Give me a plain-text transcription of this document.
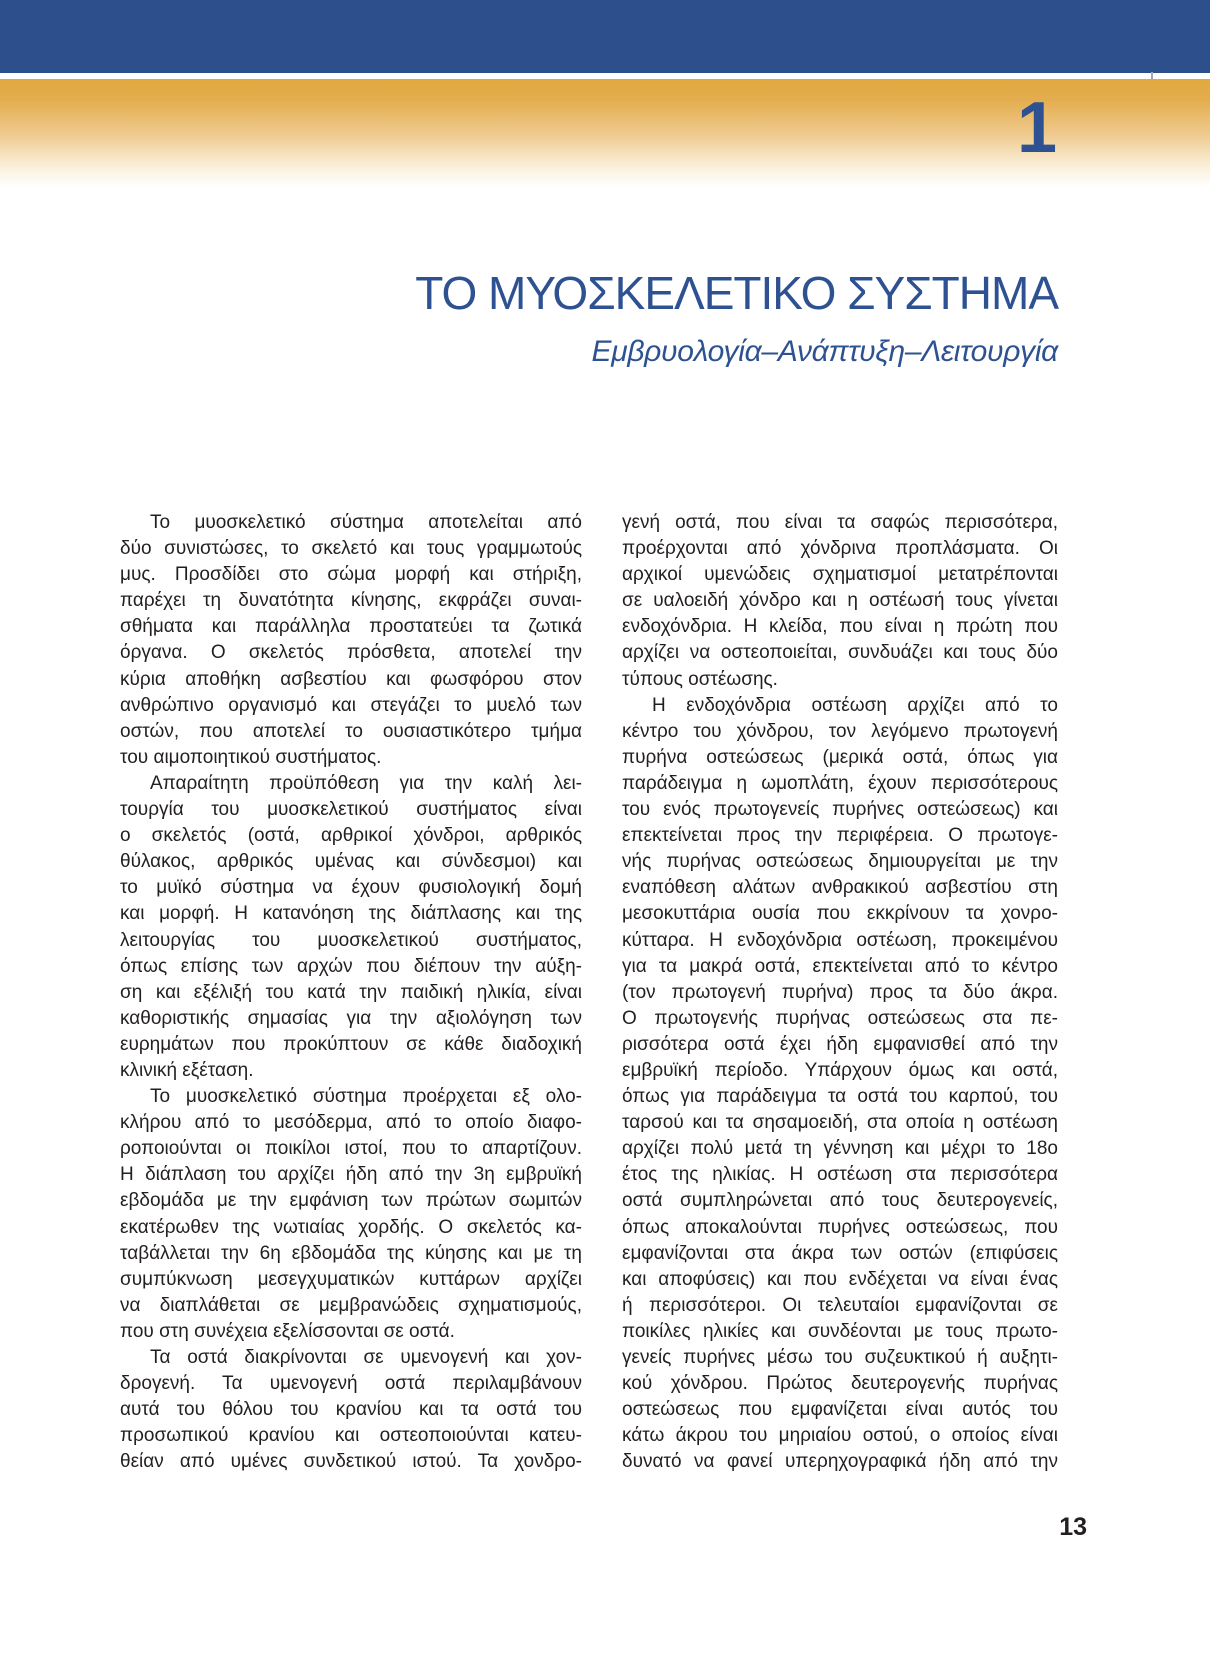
1
ΤΟ ΜΥΟΣΚΕΛΕΤΙΚΟ ΣΥΣΤΗΜΑ
Εμβρυολογία–Ανάπτυξη–Λειτουργία
Το μυοσκελετικό σύστημα αποτελείται από
δύο συνιστώσες, το σκελετό και τους γραμμωτούς
μυς. Προσδίδει στο σώμα μορφή και στήριξη,
παρέχει τη δυνατότητα κίνησης, εκφράζει συναι-
σθήματα και παράλληλα προστατεύει τα ζωτικά
όργανα. Ο σκελετός πρόσθετα, αποτελεί την
κύρια αποθήκη ασβεστίου και φωσφόρου στον
ανθρώπινο οργανισμό και στεγάζει το μυελό των
οστών, που αποτελεί το ουσιαστικότερο τμήμα
του αιμοποιητικού συστήματος.
Απαραίτητη προϋπόθεση για την καλή λει-
τουργία του μυοσκελετικού συστήματος είναι
ο σκελετός (οστά, αρθρικοί χόνδροι, αρθρικός
θύλακος, αρθρικός υμένας και σύνδεσμοι) και
το μυϊκό σύστημα να έχουν φυσιολογική δομή
και μορφή. Η κατανόηση της διάπλασης και της
λειτουργίας του μυοσκελετικού συστήματος,
όπως επίσης των αρχών που διέπουν την αύξη-
ση και εξέλιξή του κατά την παιδική ηλικία, είναι
καθοριστικής σημασίας για την αξιολόγηση των
ευρημάτων που προκύπτουν σε κάθε διαδοχική
κλινική εξέταση.
Το μυοσκελετικό σύστημα προέρχεται εξ ολο-
κλήρου από το μεσόδερμα, από το οποίο διαφο-
ροποιούνται οι ποικίλοι ιστοί, που το απαρτίζουν.
Η διάπλαση του αρχίζει ήδη από την 3η εμβρυϊκή
εβδομάδα με την εμφάνιση των πρώτων σωμιτών
εκατέρωθεν της νωτιαίας χορδής. Ο σκελετός κα-
ταβάλλεται την 6η εβδομάδα της κύησης και με τη
συμπύκνωση μεσεγχυματικών κυττάρων αρχίζει
να διαπλάθεται σε μεμβρανώδεις σχηματισμούς,
που στη συνέχεια εξελίσσονται σε οστά.
Τα οστά διακρίνονται σε υμενογενή και χον-
δρογενή. Τα υμενογενή οστά περιλαμβάνουν
αυτά του θόλου του κρανίου και τα οστά του
προσωπικού κρανίου και οστεοποιούνται κατευ-
θείαν από υμένες συνδετικού ιστού. Τα χονδρο-
γενή οστά, που είναι τα σαφώς περισσότερα,
προέρχονται από χόνδρινα προπλάσματα. Οι
αρχικοί υμενώδεις σχηματισμοί μετατρέπονται
σε υαλοειδή χόνδρο και η οστέωσή τους γίνεται
ενδοχόνδρια. Η κλείδα, που είναι η πρώτη που
αρχίζει να οστεοποιείται, συνδυάζει και τους δύο
τύπους οστέωσης.
Η ενδοχόνδρια οστέωση αρχίζει από το
κέντρο του χόνδρου, τον λεγόμενο πρωτογενή
πυρήνα οστεώσεως (μερικά οστά, όπως για
παράδειγμα η ωμοπλάτη, έχουν περισσότερους
του ενός πρωτογενείς πυρήνες οστεώσεως) και
επεκτείνεται προς την περιφέρεια. Ο πρωτογε-
νής πυρήνας οστεώσεως δημιουργείται με την
εναπόθεση αλάτων ανθρακικού ασβεστίου στη
μεσοκυττάρια ουσία που εκκρίνουν τα χονρο-
κύτταρα. Η ενδοχόνδρια οστέωση, προκειμένου
για τα μακρά οστά, επεκτείνεται από το κέντρο
(τον πρωτογενή πυρήνα) προς τα δύο άκρα.
Ο πρωτογενής πυρήνας οστεώσεως στα πε-
ρισσότερα οστά έχει ήδη εμφανισθεί από την
εμβρυϊκή περίοδο. Υπάρχουν όμως και οστά,
όπως για παράδειγμα τα οστά του καρπού, του
ταρσού και τα σησαμοειδή, στα οποία η οστέωση
αρχίζει πολύ μετά τη γέννηση και μέχρι το 18ο
έτος της ηλικίας. Η οστέωση στα περισσότερα
οστά συμπληρώνεται από τους δευτερογενείς,
όπως αποκαλούνται πυρήνες οστεώσεως, που
εμφανίζονται στα άκρα των οστών (επιφύσεις
και αποφύσεις) και που ενδέχεται να είναι ένας
ή περισσότεροι. Οι τελευταίοι εμφανίζονται σε
ποικίλες ηλικίες και συνδέονται με τους πρωτο-
γενείς πυρήνες μέσω του συζευκτικού ή αυξητι-
κού χόνδρου. Πρώτος δευτερογενής πυρήνας
οστεώσεως που εμφανίζεται είναι αυτός του
κάτω άκρου του μηριαίου οστού, ο οποίος είναι
δυνατό να φανεί υπερηχογραφικά ήδη από την
13
